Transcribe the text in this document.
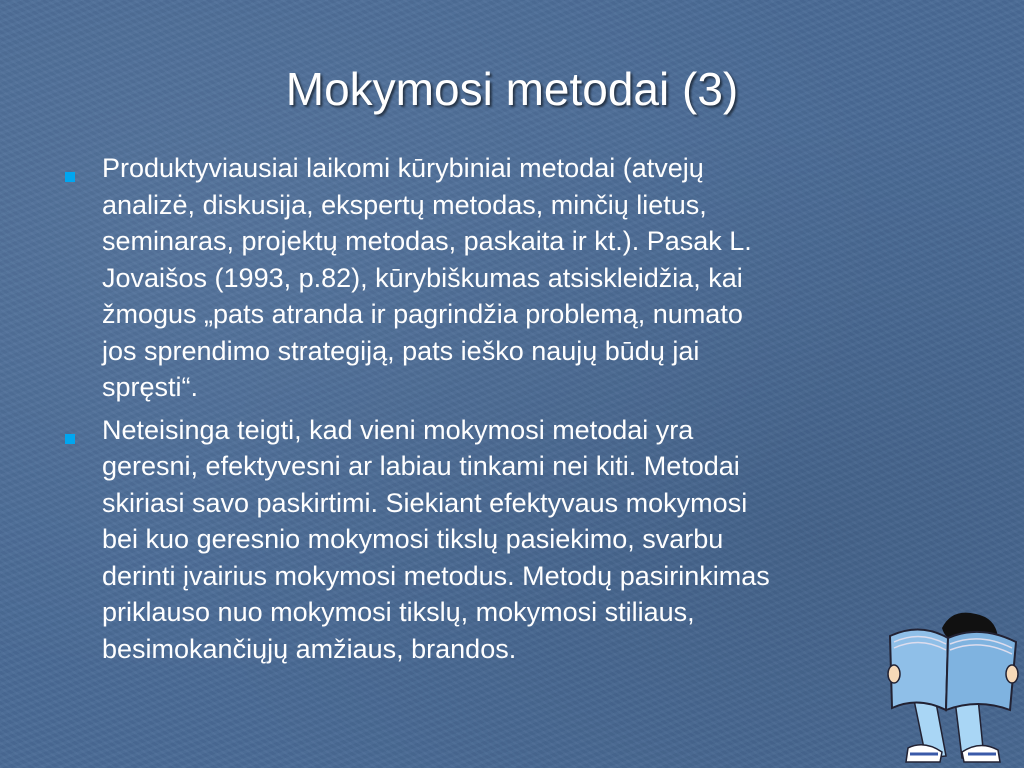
Mokymosi metodai (3)
Produktyviausiai laikomi kūrybiniai metodai (atvejų
analizė, diskusija, ekspertų metodas, minčių lietus,
seminaras, projektų metodas, paskaita ir kt.). Pasak L.
Jovaišos (1993, p.82), kūrybiškumas atsiskleidžia, kai
žmogus „pats atranda ir pagrindžia problemą, numato
jos sprendimo strategiją, pats ieško naujų būdų jai
spręsti“.
Neteisinga teigti, kad vieni mokymosi metodai yra
geresni, efektyvesni ar labiau tinkami nei kiti. Metodai
skiriasi savo paskirtimi. Siekiant efektyvaus mokymosi
bei kuo geresnio mokymosi tikslų pasiekimo, svarbu
derinti įvairius mokymosi metodus. Metodų pasirinkimas
priklauso nuo mokymosi tikslų, mokymosi stiliaus,
besimokančiųjų amžiaus, brandos.
